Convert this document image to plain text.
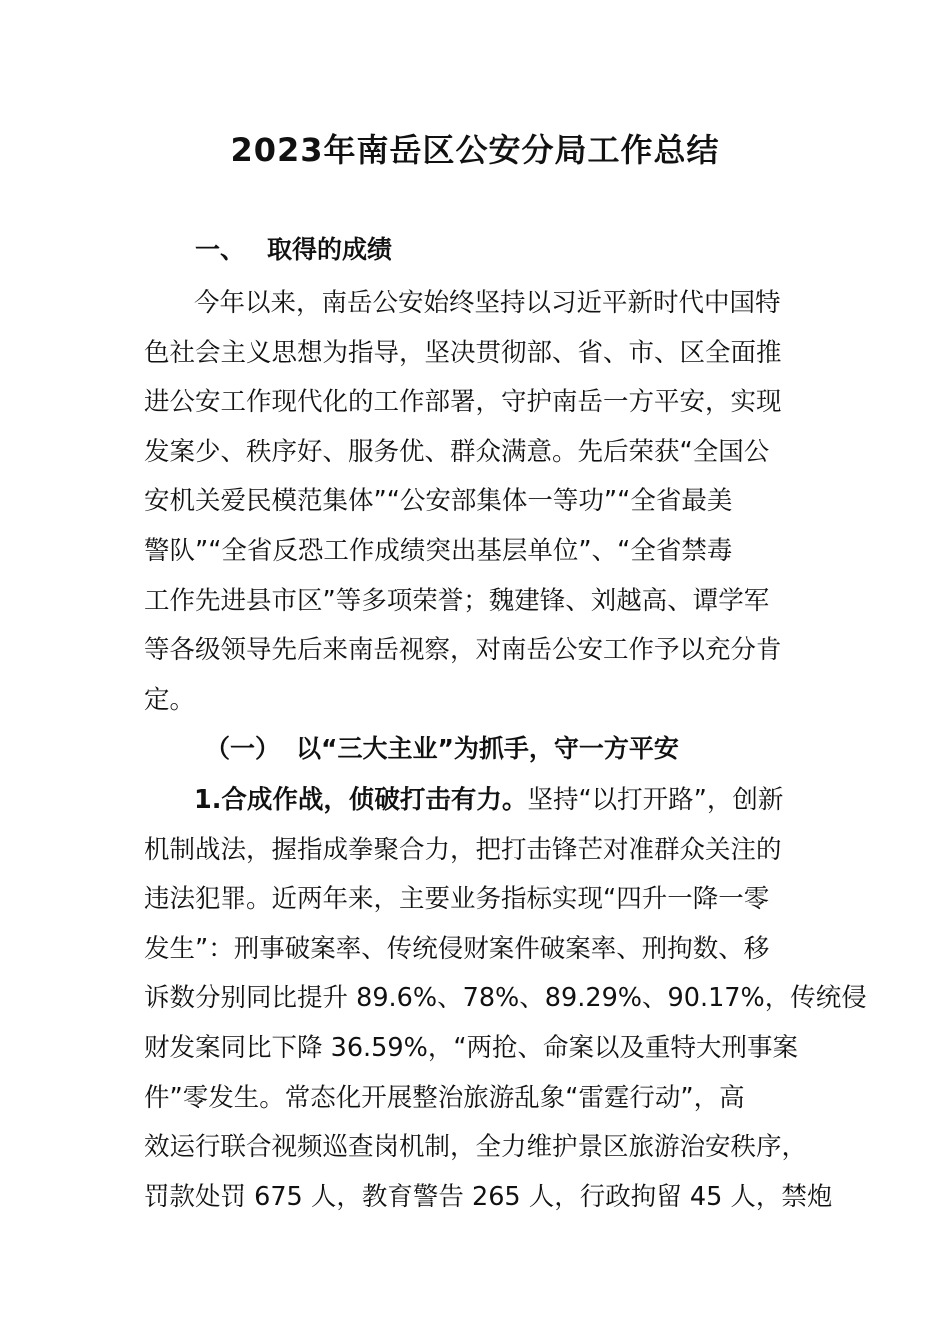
2023年南岳区公安分局工作总结
一、 取得的成绩
今年以来，南岳公安始终坚持以习近平新时代中国特
色社会主义思想为指导，坚决贯彻部、省、市、区全面推
进公安工作现代化的工作部署，守护南岳一方平安，实现
发案少、秩序好、服务优、群众满意。先后荣获“全国公
安机关爱民模范集体”“公安部集体一等功”“全省最美
警队”“全省反恐工作成绩突出基层单位”、“全省禁毒
工作先进县市区”等多项荣誉；魏建锋、刘越高、谭学军
等各级领导先后来南岳视察，对南岳公安工作予以充分肯
定。
（一） 以“三大主业”为抓手，守一方平安
1.合成作战，侦破打击有力。坚持“以打开路”，创新
机制战法，握指成拳聚合力，把打击锋芒对准群众关注的
违法犯罪。近两年来，主要业务指标实现“四升一降一零
发生”：刑事破案率、传统侵财案件破案率、刑拘数、移
诉数分别同比提升 89.6%、78%、89.29%、90.17%，传统侵
财发案同比下降 36.59%，“两抢、命案以及重特大刑事案
件”零发生。常态化开展整治旅游乱象“雷霆行动”，高
效运行联合视频巡查岗机制，全力维护景区旅游治安秩序，
罚款处罚 675 人，教育警告 265 人，行政拘留 45 人，禁炮
